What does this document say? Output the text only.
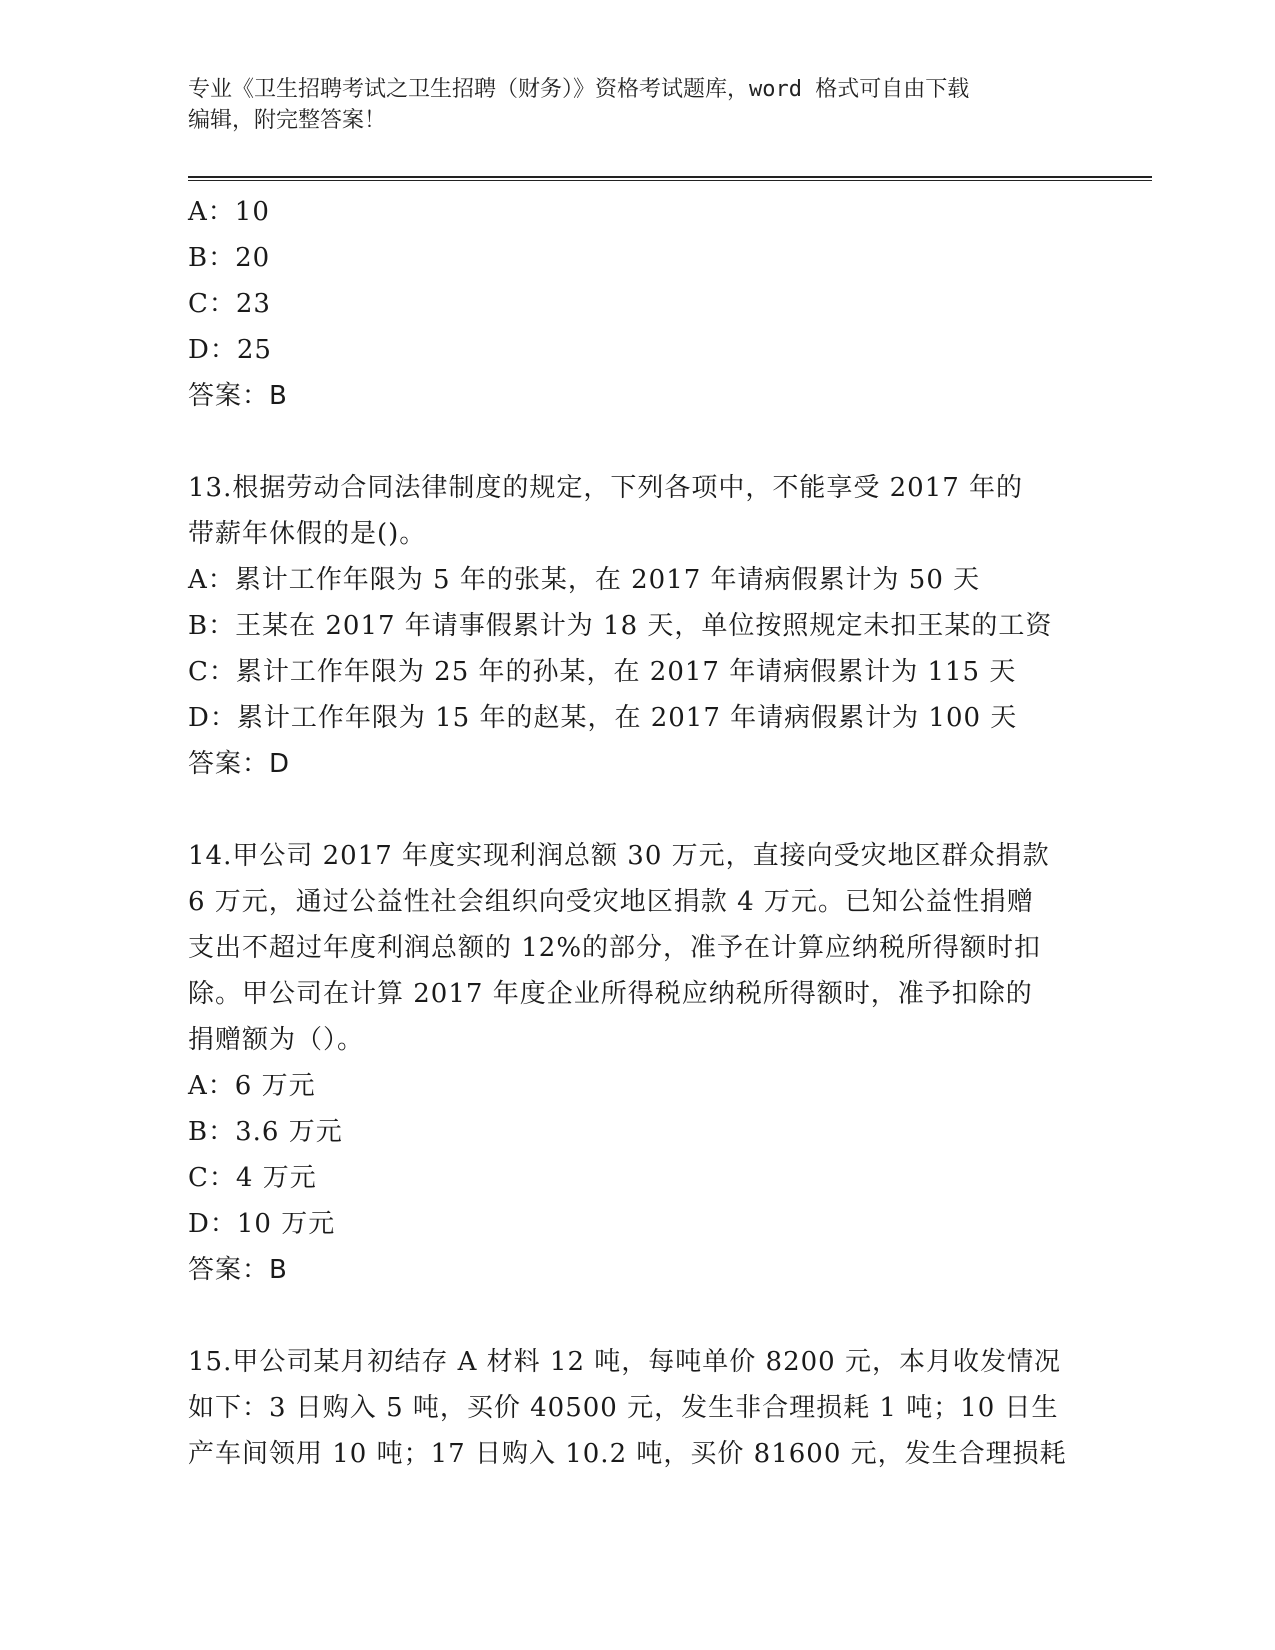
专业《卫生招聘考试之卫生招聘（财务）》资格考试题库，word 格式可自由下载
编辑，附完整答案！

A：10

B：20

C：23

D：25

答案：B

13.根据劳动合同法律制度的规定，下列各项中，不能享受 2017 年的

带薪年休假的是()。

A：累计工作年限为 5 年的张某，在 2017 年请病假累计为 50 天

B：王某在 2017 年请事假累计为 18 天，单位按照规定未扣王某的工资

C：累计工作年限为 25 年的孙某，在 2017 年请病假累计为 115 天

D：累计工作年限为 15 年的赵某，在 2017 年请病假累计为 100 天

答案：D

14.甲公司 2017 年度实现利润总额 30 万元，直接向受灾地区群众捐款

6 万元，通过公益性社会组织向受灾地区捐款 4 万元。已知公益性捐赠

支出不超过年度利润总额的 12%的部分，准予在计算应纳税所得额时扣

除。甲公司在计算 2017 年度企业所得税应纳税所得额时，准予扣除的

捐赠额为（）。

A：6 万元

B：3.6 万元

C：4 万元

D：10 万元

答案：B

15.甲公司某月初结存 A 材料 12 吨，每吨单价 8200 元，本月收发情况

如下：3 日购入 5 吨，买价 40500 元，发生非合理损耗 1 吨；10 日生

产车间领用 10 吨；17 日购入 10.2 吨，买价 81600 元，发生合理损耗
